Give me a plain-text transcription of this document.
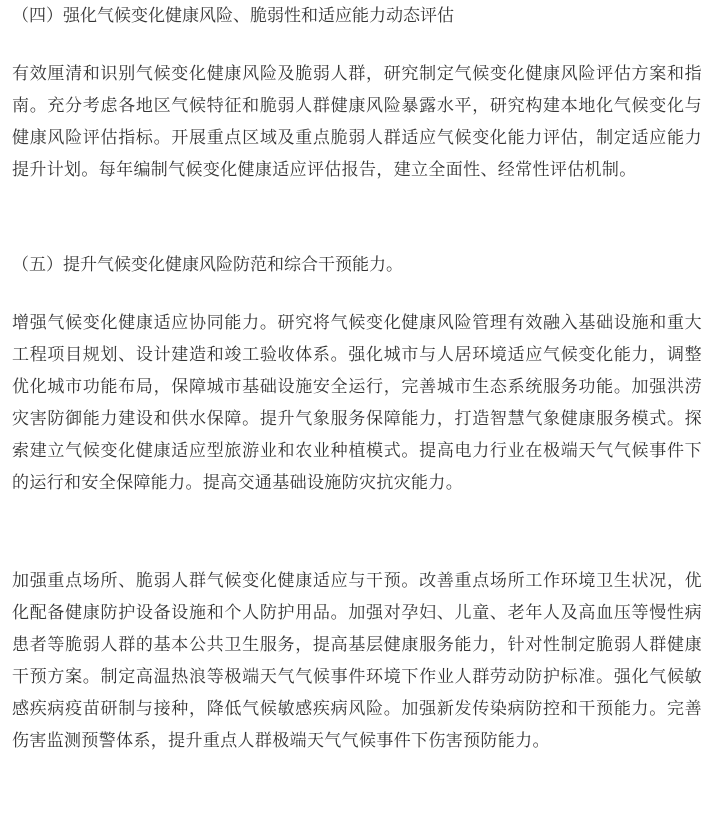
（四）强化气候变化健康风险、脆弱性和适应能力动态评估

有效厘清和识别气候变化健康风险及脆弱人群，研究制定气候变化健康风险评估方案和指南。充分考虑各地区气候特征和脆弱人群健康风险暴露水平，研究构建本地化气候变化与健康风险评估指标。开展重点区域及重点脆弱人群适应气候变化能力评估，制定适应能力提升计划。每年编制气候变化健康适应评估报告，建立全面性、经常性评估机制。

（五）提升气候变化健康风险防范和综合干预能力。

增强气候变化健康适应协同能力。研究将气候变化健康风险管理有效融入基础设施和重大工程项目规划、设计建造和竣工验收体系。强化城市与人居环境适应气候变化能力，调整优化城市功能布局，保障城市基础设施安全运行，完善城市生态系统服务功能。加强洪涝灾害防御能力建设和供水保障。提升气象服务保障能力，打造智慧气象健康服务模式。探索建立气候变化健康适应型旅游业和农业种植模式。提高电力行业在极端天气气候事件下的运行和安全保障能力。提高交通基础设施防灾抗灾能力。

加强重点场所、脆弱人群气候变化健康适应与干预。改善重点场所工作环境卫生状况，优化配备健康防护设备设施和个人防护用品。加强对孕妇、儿童、老年人及高血压等慢性病患者等脆弱人群的基本公共卫生服务，提高基层健康服务能力，针对性制定脆弱人群健康干预方案。制定高温热浪等极端天气气候事件环境下作业人群劳动防护标准。强化气候敏感疾病疫苗研制与接种，降低气候敏感疾病风险。加强新发传染病防控和干预能力。完善伤害监测预警体系，提升重点人群极端天气气候事件下伤害预防能力。
